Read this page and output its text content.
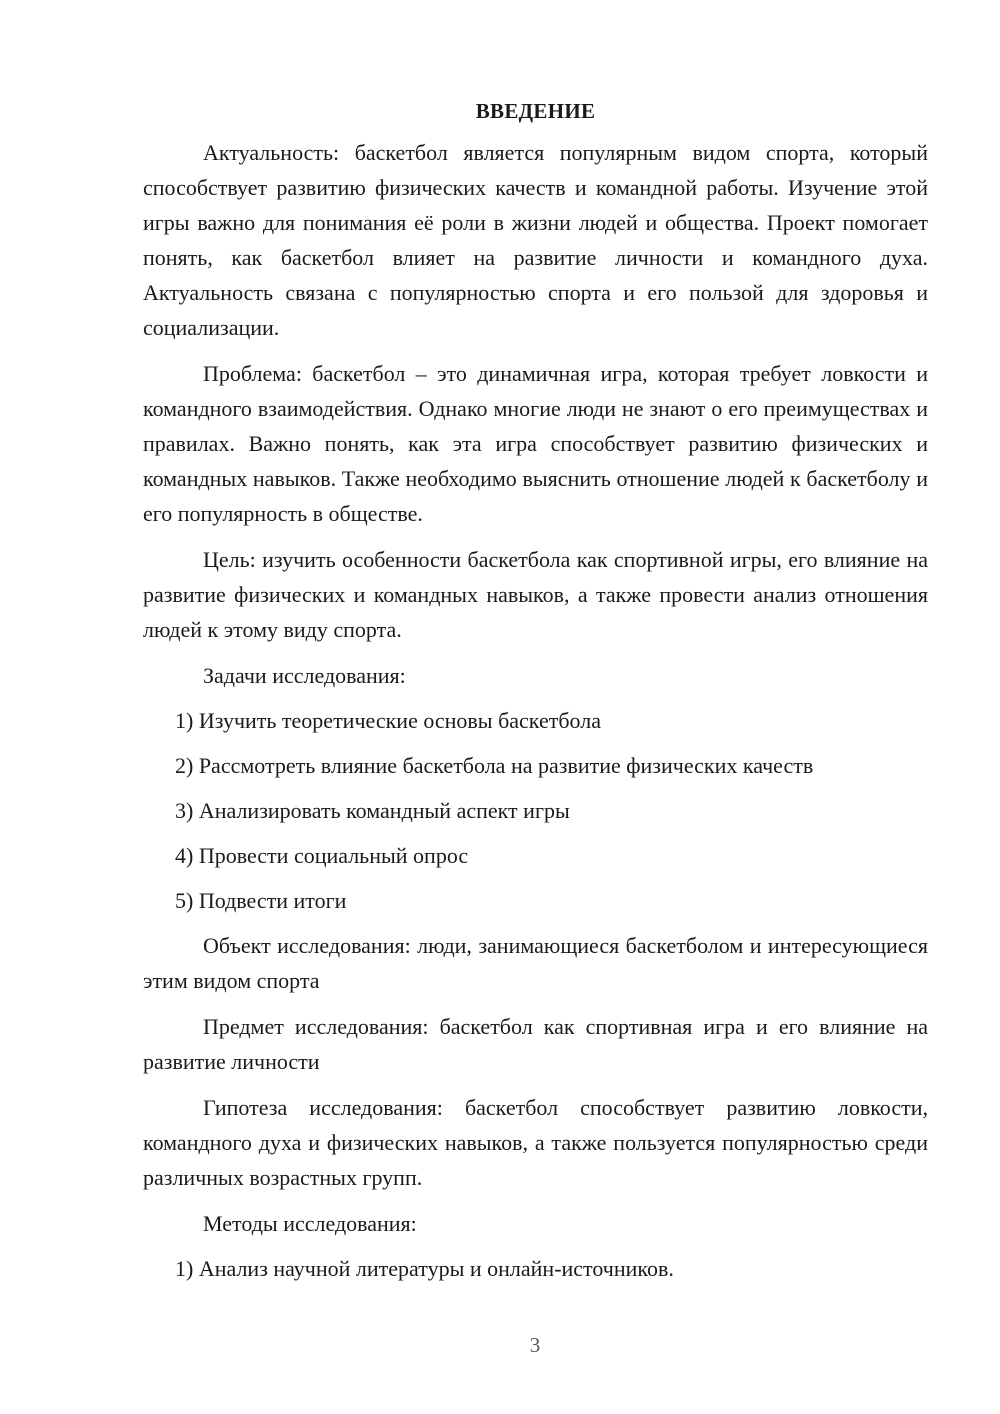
ВВЕДЕНИЕ

Актуальность: баскетбол является популярным видом спорта, который способствует развитию физических качеств и командной работы. Изучение этой игры важно для понимания её роли в жизни людей и общества. Проект помогает понять, как баскетбол влияет на развитие личности и командного духа. Актуальность связана с популярностью спорта и его пользой для здоровья и социализации.

Проблема: баскетбол – это динамичная игра, которая требует ловкости и командного взаимодействия. Однако многие люди не знают о его преимуществах и правилах. Важно понять, как эта игра способствует развитию физических и командных навыков. Также необходимо выяснить отношение людей к баскетболу и его популярность в обществе.

Цель: изучить особенности баскетбола как спортивной игры, его влияние на развитие физических и командных навыков, а также провести анализ отношения людей к этому виду спорта.

Задачи исследования:

1) Изучить теоретические основы баскетбола

2) Рассмотреть влияние баскетбола на развитие физических качеств

3) Анализировать командный аспект игры

4) Провести социальный опрос

5) Подвести итоги

Объект исследования: люди, занимающиеся баскетболом и интересующиеся этим видом спорта

Предмет исследования: баскетбол как спортивная игра и его влияние на развитие личности

Гипотеза исследования: баскетбол способствует развитию ловкости, командного духа и физических навыков, а также пользуется популярностью среди различных возрастных групп.

Методы исследования:

1) Анализ научной литературы и онлайн-источников.

3
